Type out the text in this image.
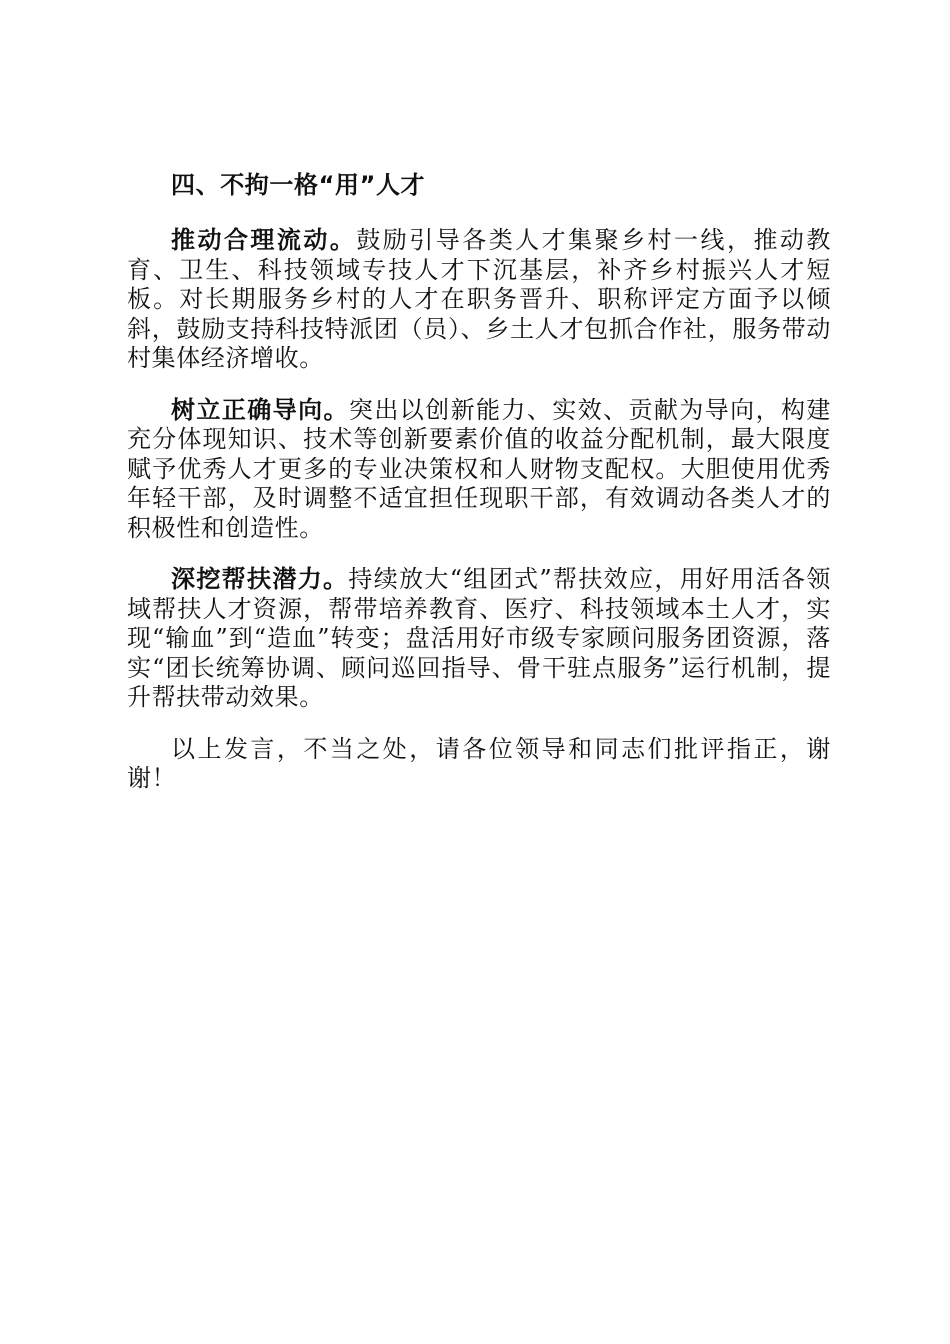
四、不拘一格“用”人才

推动合理流动。鼓励引导各类人才集聚乡村一线，推动教育、卫生、科技领域专技人才下沉基层，补齐乡村振兴人才短板。对长期服务乡村的人才在职务晋升、职称评定方面予以倾斜，鼓励支持科技特派团（员）、乡土人才包抓合作社，服务带动村集体经济增收。

树立正确导向。突出以创新能力、实效、贡献为导向，构建充分体现知识、技术等创新要素价值的收益分配机制，最大限度赋予优秀人才更多的专业决策权和人财物支配权。大胆使用优秀年轻干部，及时调整不适宜担任现职干部，有效调动各类人才的积极性和创造性。

深挖帮扶潜力。持续放大“组团式”帮扶效应，用好用活各领域帮扶人才资源，帮带培养教育、医疗、科技领域本土人才，实现“输血”到“造血”转变；盘活用好市级专家顾问服务团资源，落实“团长统筹协调、顾问巡回指导、骨干驻点服务”运行机制，提升帮扶带动效果。

以上发言，不当之处，请各位领导和同志们批评指正，谢谢！
